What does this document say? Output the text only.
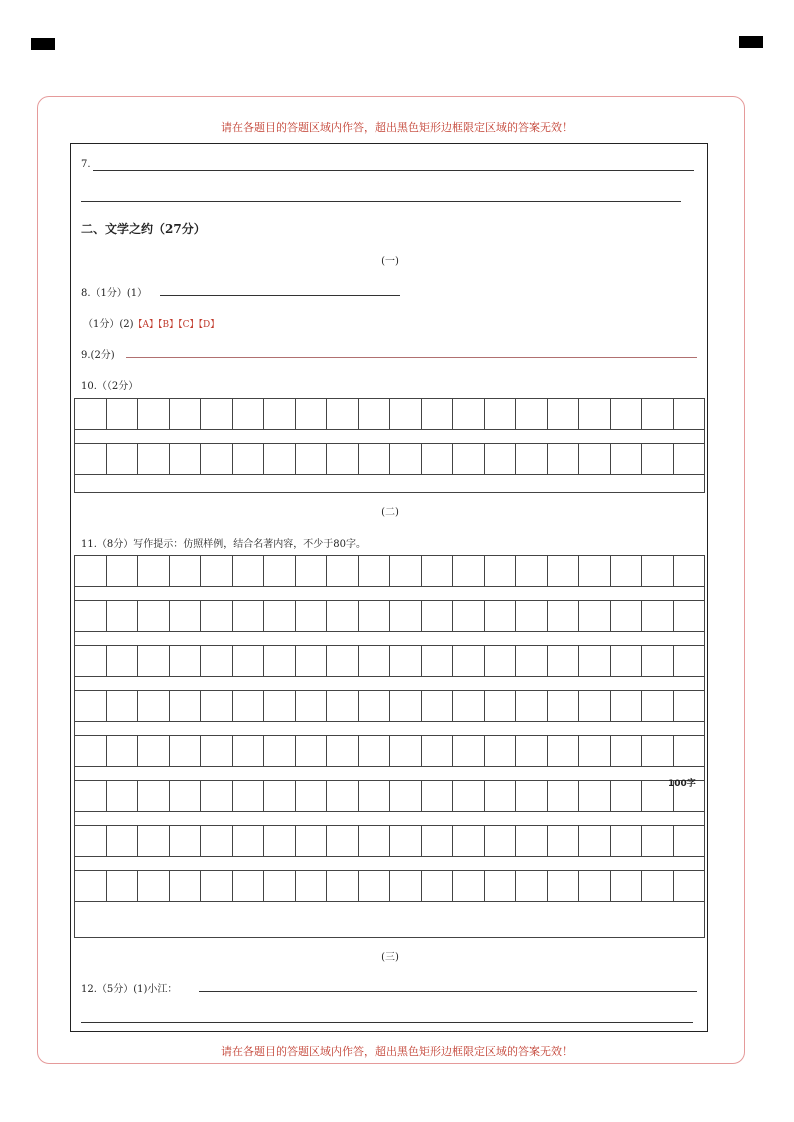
请在各题目的答题区域内作答，超出黑色矩形边框限定区域的答案无效！
请在各题目的答题区域内作答，超出黑色矩形边框限定区域的答案无效！
7.
二、文学之约（27分）
(一)
8.（1分）(1）
（1分）(2)【A】【B】【C】【D】
9.(2分)
10.（（2分）
(二)
11.（8分）写作提示：仿照样例，结合名著内容，不少于80字。
100字
(三)
12.（5分）(1)小江：
